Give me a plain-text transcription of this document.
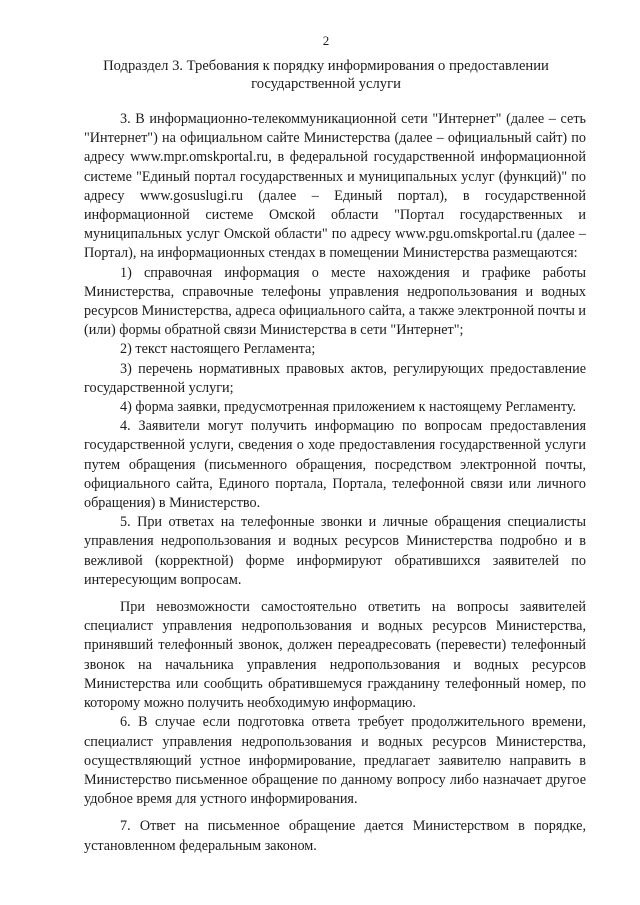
2
Подраздел 3. Требования к порядку информирования о предоставлении
государственной услуги

3. В информационно-телекоммуникационной сети "Интернет" (далее – сеть "Интернет") на официальном сайте Министерства (далее – официальный сайт) по адресу www.mpr.omskportal.ru, в федеральной государственной информационной системе "Единый портал государственных и муниципальных услуг (функций)" по адресу www.gosuslugi.ru (далее – Единый портал), в государственной информационной системе Омской области "Портал государственных и муниципальных услуг Омской области" по адресу www.pgu.omskportal.ru (далее – Портал), на информационных стендах в помещении Министерства размещаются:

1) справочная информация о месте нахождения и графике работы Министерства, справочные телефоны управления недропользования и водных ресурсов Министерства, адреса официального сайта, а также электронной почты и (или) формы обратной связи Министерства в сети "Интернет";

2) текст настоящего Регламента;

3) перечень нормативных правовых актов, регулирующих предоставление государственной услуги;

4) форма заявки, предусмотренная приложением к настоящему Регламенту.

4. Заявители могут получить информацию по вопросам предоставления государственной услуги, сведения о ходе предоставления государственной услуги путем обращения (письменного обращения, посредством электронной почты, официального сайта, Единого портала, Портала, телефонной связи или личного обращения) в Министерство.

5. При ответах на телефонные звонки и личные обращения специалисты управления недропользования и водных ресурсов Министерства подробно и в вежливой (корректной) форме информируют обратившихся заявителей по интересующим вопросам.

При невозможности самостоятельно ответить на вопросы заявителей специалист управления недропользования и водных ресурсов Министерства, принявший телефонный звонок, должен переадресовать (перевести) телефонный звонок на начальника управления недропользования и водных ресурсов Министерства или сообщить обратившемуся гражданину телефонный номер, по которому можно получить необходимую информацию.

6. В случае если подготовка ответа требует продолжительного времени, специалист управления недропользования и водных ресурсов Министерства, осуществляющий устное информирование, предлагает заявителю направить в Министерство письменное обращение по данному вопросу либо назначает другое удобное время для устного информирования.

7. Ответ на письменное обращение дается Министерством в порядке, установленном федеральным законом.
